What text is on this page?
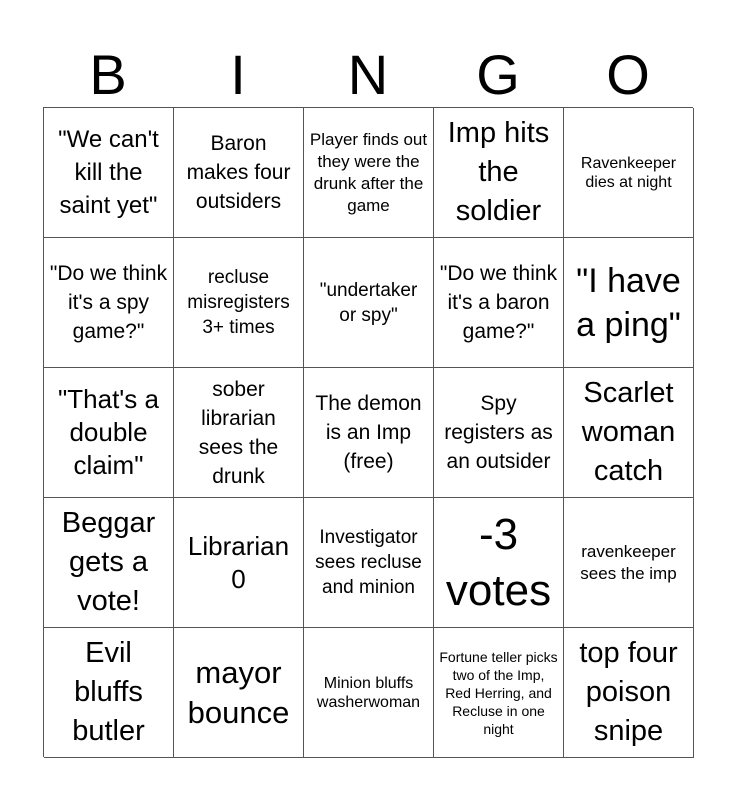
B	I	N	G	O
"We can't kill the saint yet"
Baron makes four outsiders
Player finds out they were the drunk after the game
Imp hits the soldier
Ravenkeeper dies at night
"Do we think it's a spy game?"
recluse misregisters 3+ times
"undertaker or spy"
"Do we think it's a baron game?"
"I have a ping"
"That's a double claim"
sober librarian sees the drunk
The demon is an Imp (free)
Spy registers as an outsider
Scarlet woman catch
Beggar gets a vote!
Librarian 0
Investigator sees recluse and minion
-3 votes
ravenkeeper sees the imp
Evil bluffs butler
mayor bounce
Minion bluffs washerwoman
Fortune teller picks two of the Imp, Red Herring, and Recluse in one night
top four poison snipe
